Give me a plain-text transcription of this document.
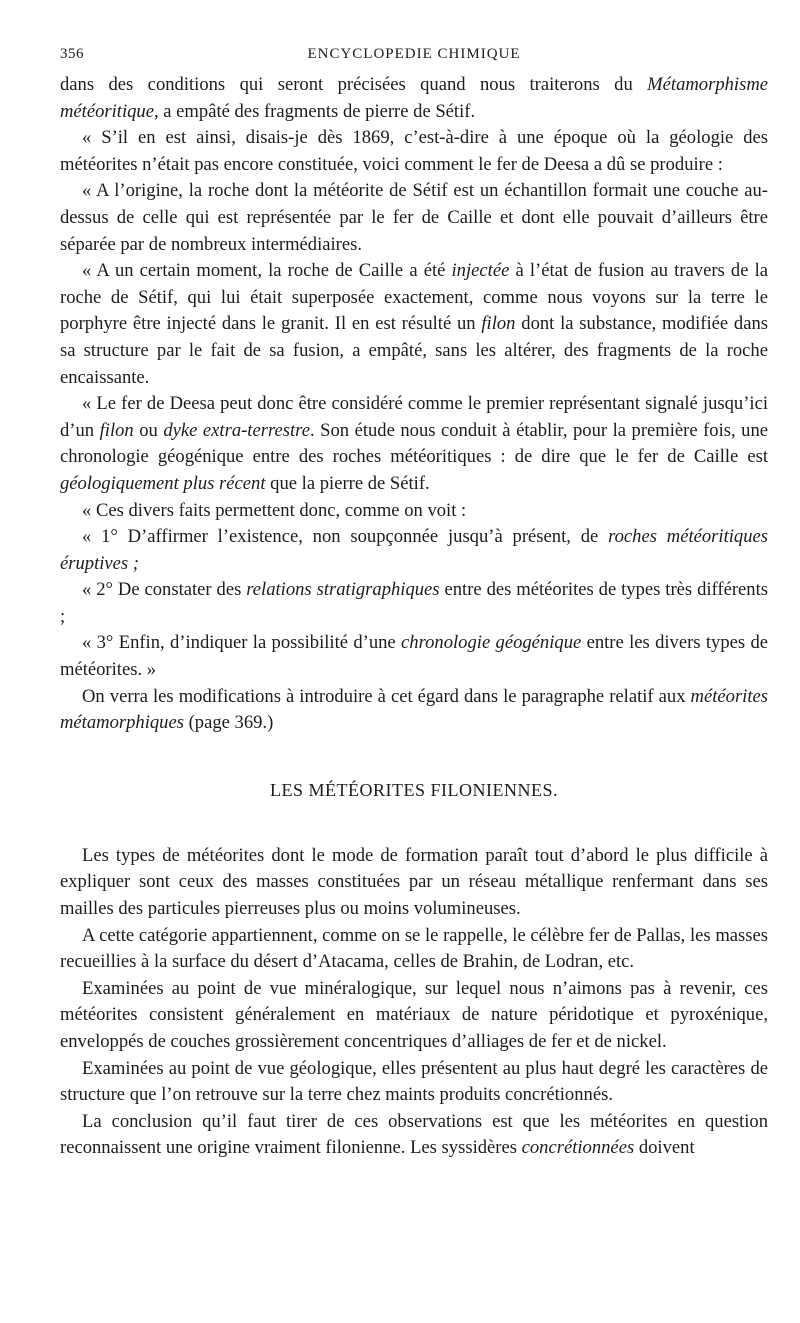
356	ENCYCLOPEDIE CHIMIQUE

dans des conditions qui seront précisées quand nous traiterons du Métamorphisme météoritique, a empâté des fragments de pierre de Sétif.

« S’il en est ainsi, disais-je dès 1869, c’est-à-dire à une époque où la géologie des météorites n’était pas encore constituée, voici comment le fer de Deesa a dû se produire :

« A l’origine, la roche dont la météorite de Sétif est un échantillon formait une couche au-dessus de celle qui est représentée par le fer de Caille et dont elle pouvait d’ailleurs être séparée par de nombreux intermédiaires.

« A un certain moment, la roche de Caille a été injectée à l’état de fusion au travers de la roche de Sétif, qui lui était superposée exactement, comme nous voyons sur la terre le porphyre être injecté dans le granit. Il en est résulté un filon dont la substance, modifiée dans sa structure par le fait de sa fusion, a empâté, sans les altérer, des fragments de la roche encaissante.

« Le fer de Deesa peut donc être considéré comme le premier représentant signalé jusqu’ici d’un filon ou dyke extra-terrestre. Son étude nous conduit à établir, pour la première fois, une chronologie géogénique entre des roches météoritiques : de dire que le fer de Caille est géologiquement plus récent que la pierre de Sétif.

« Ces divers faits permettent donc, comme on voit :

« 1° D’affirmer l’existence, non soupçonnée jusqu’à présent, de roches météoritiques éruptives ;

« 2° De constater des relations stratigraphiques entre des météorites de types très différents ;

« 3° Enfin, d’indiquer la possibilité d’une chronologie géogénique entre les divers types de météorites. »

On verra les modifications à introduire à cet égard dans le paragraphe relatif aux météorites métamorphiques (page 369.)

LES MÉTÉORITES FILONIENNES.

Les types de météorites dont le mode de formation paraît tout d’abord le plus difficile à expliquer sont ceux des masses constituées par un réseau métallique renfermant dans ses mailles des particules pierreuses plus ou moins volumineuses.

A cette catégorie appartiennent, comme on se le rappelle, le célèbre fer de Pallas, les masses recueillies à la surface du désert d’Atacama, celles de Brahin, de Lodran, etc.

Examinées au point de vue minéralogique, sur lequel nous n’aimons pas à revenir, ces météorites consistent généralement en matériaux de nature péridotique et pyroxénique, enveloppés de couches grossièrement concentriques d’alliages de fer et de nickel.

Examinées au point de vue géologique, elles présentent au plus haut degré les caractères de structure que l’on retrouve sur la terre chez maints produits concrétionnés.

La conclusion qu’il faut tirer de ces observations est que les météorites en question reconnaissent une origine vraiment filonienne. Les syssidères concrétionnées doivent
